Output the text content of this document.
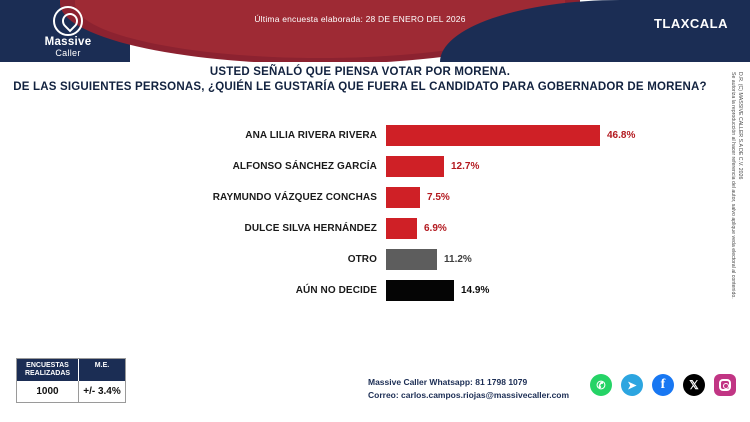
Massive
Caller
Última encuesta elaborada: 28 DE ENERO DEL 2026	TLAXCALA
USTED SEÑALÓ QUE PIENSA VOTAR POR MORENA.
DE LAS SIGUIENTES PERSONAS, ¿QUIÉN LE GUSTARÍA QUE FUERA EL CANDIDATO PARA GOBERNADOR DE MORENA?
ANA LILIA RIVERA RIVERA	46.8%
ALFONSO SÁNCHEZ GARCÍA	12.7%
RAYMUNDO VÁZQUEZ CONCHAS	7.5%
DULCE SILVA HERNÁNDEZ	6.9%
OTRO	11.2%
AÚN NO DECIDE	14.9%
D.R. (C) MASSIVE CALLER S.A DE C.V. 2026
Se autoriza la reproducción al hacer referencia del autor, salvo aplique veda electoral al contenido.
ENCUESTAS REALIZADAS
M.E.
1000	+/- 3.4%
Massive Caller Whatsapp: 81 1798 1079
Correo: carlos.campos.riojas@massivecaller.com
✆	➤	f	𝕏
